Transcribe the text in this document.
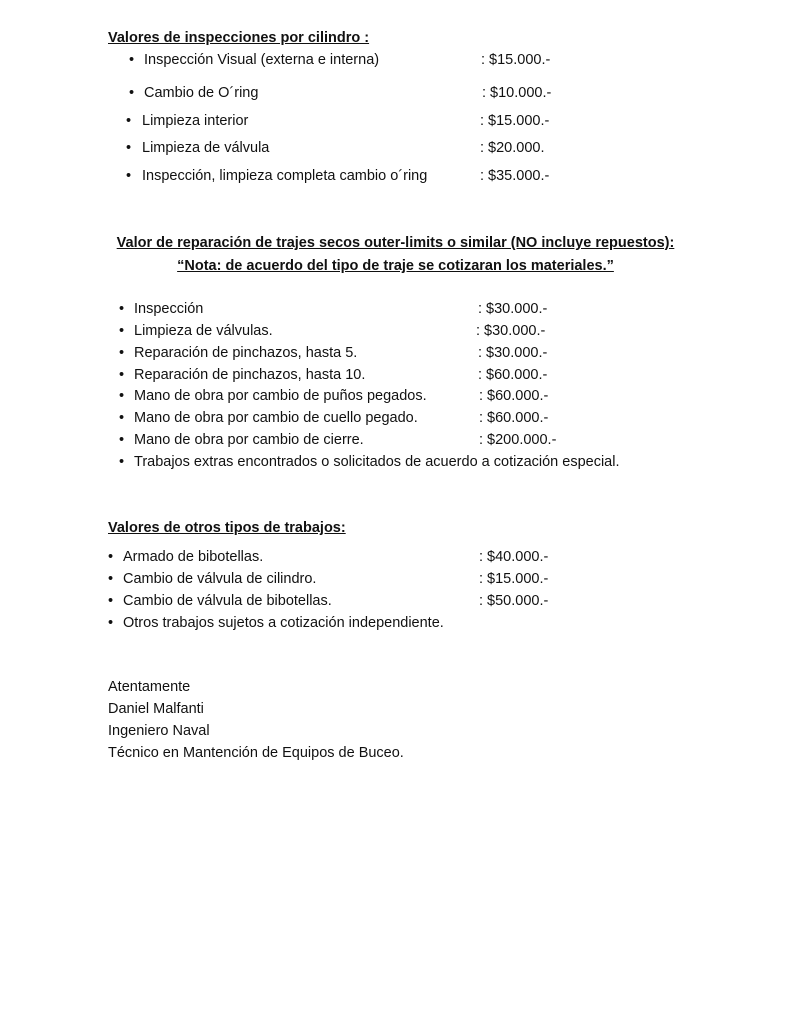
Valores de inspecciones por cilindro :
• Inspección Visual (externa e interna)	: $15.000.-
• Cambio de O´ring	: $10.000.-
• Limpieza interior	: $15.000.-
• Limpieza de válvula	: $20.000.
• Inspección, limpieza completa cambio o´ring	: $35.000.-
Valor de reparación de trajes secos outer-limits o similar (NO incluye repuestos):
“Nota: de acuerdo del tipo de traje se cotizaran los materiales.”
• Inspección	: $30.000.-
• Limpieza de válvulas.	: $30.000.-
• Reparación de pinchazos, hasta 5.	: $30.000.-
• Reparación de pinchazos, hasta 10.	: $60.000.-
• Mano de obra por cambio de puños pegados.	: $60.000.-
• Mano de obra por cambio de cuello pegado.	: $60.000.-
• Mano de obra por cambio de cierre.	: $200.000.-
• Trabajos extras encontrados o solicitados de acuerdo a cotización especial.
Valores de otros tipos de trabajos:
• Armado de bibotellas.	: $40.000.-
• Cambio de válvula de cilindro.	: $15.000.-
• Cambio de válvula de bibotellas.	: $50.000.-
• Otros trabajos sujetos a cotización independiente.
Atentamente
Daniel Malfanti
Ingeniero Naval
Técnico en Mantención de Equipos de Buceo.
